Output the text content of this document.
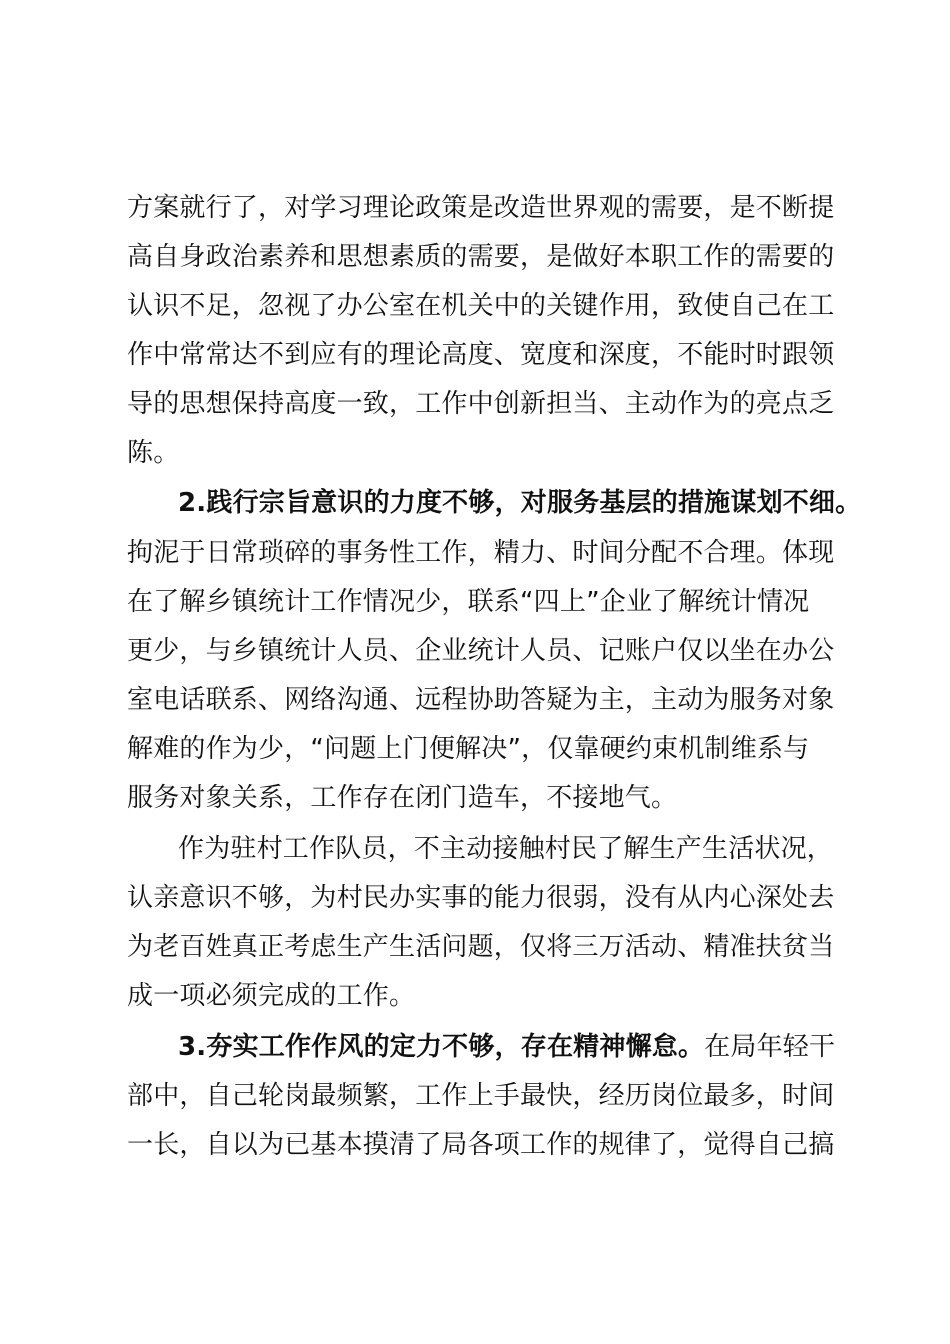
方案就行了，对学习理论政策是改造世界观的需要，是不断提
高自身政治素养和思想素质的需要，是做好本职工作的需要的
认识不足，忽视了办公室在机关中的关键作用，致使自己在工
作中常常达不到应有的理论高度、宽度和深度，不能时时跟领
导的思想保持高度一致，工作中创新担当、主动作为的亮点乏
陈。
2.践行宗旨意识的力度不够，对服务基层的措施谋划不细。
拘泥于日常琐碎的事务性工作，精力、时间分配不合理。体现
在了解乡镇统计工作情况少，联系“四上”企业了解统计情况
更少，与乡镇统计人员、企业统计人员、记账户仅以坐在办公
室电话联系、网络沟通、远程协助答疑为主，主动为服务对象
解难的作为少，“问题上门便解决”，仅靠硬约束机制维系与
服务对象关系，工作存在闭门造车，不接地气。
作为驻村工作队员，不主动接触村民了解生产生活状况，
认亲意识不够，为村民办实事的能力很弱，没有从内心深处去
为老百姓真正考虑生产生活问题，仅将三万活动、精准扶贫当
成一项必须完成的工作。
3.夯实工作作风的定力不够，存在精神懈怠。在局年轻干
部中，自己轮岗最频繁，工作上手最快，经历岗位最多，时间
一长，自以为已基本摸清了局各项工作的规律了，觉得自己搞
